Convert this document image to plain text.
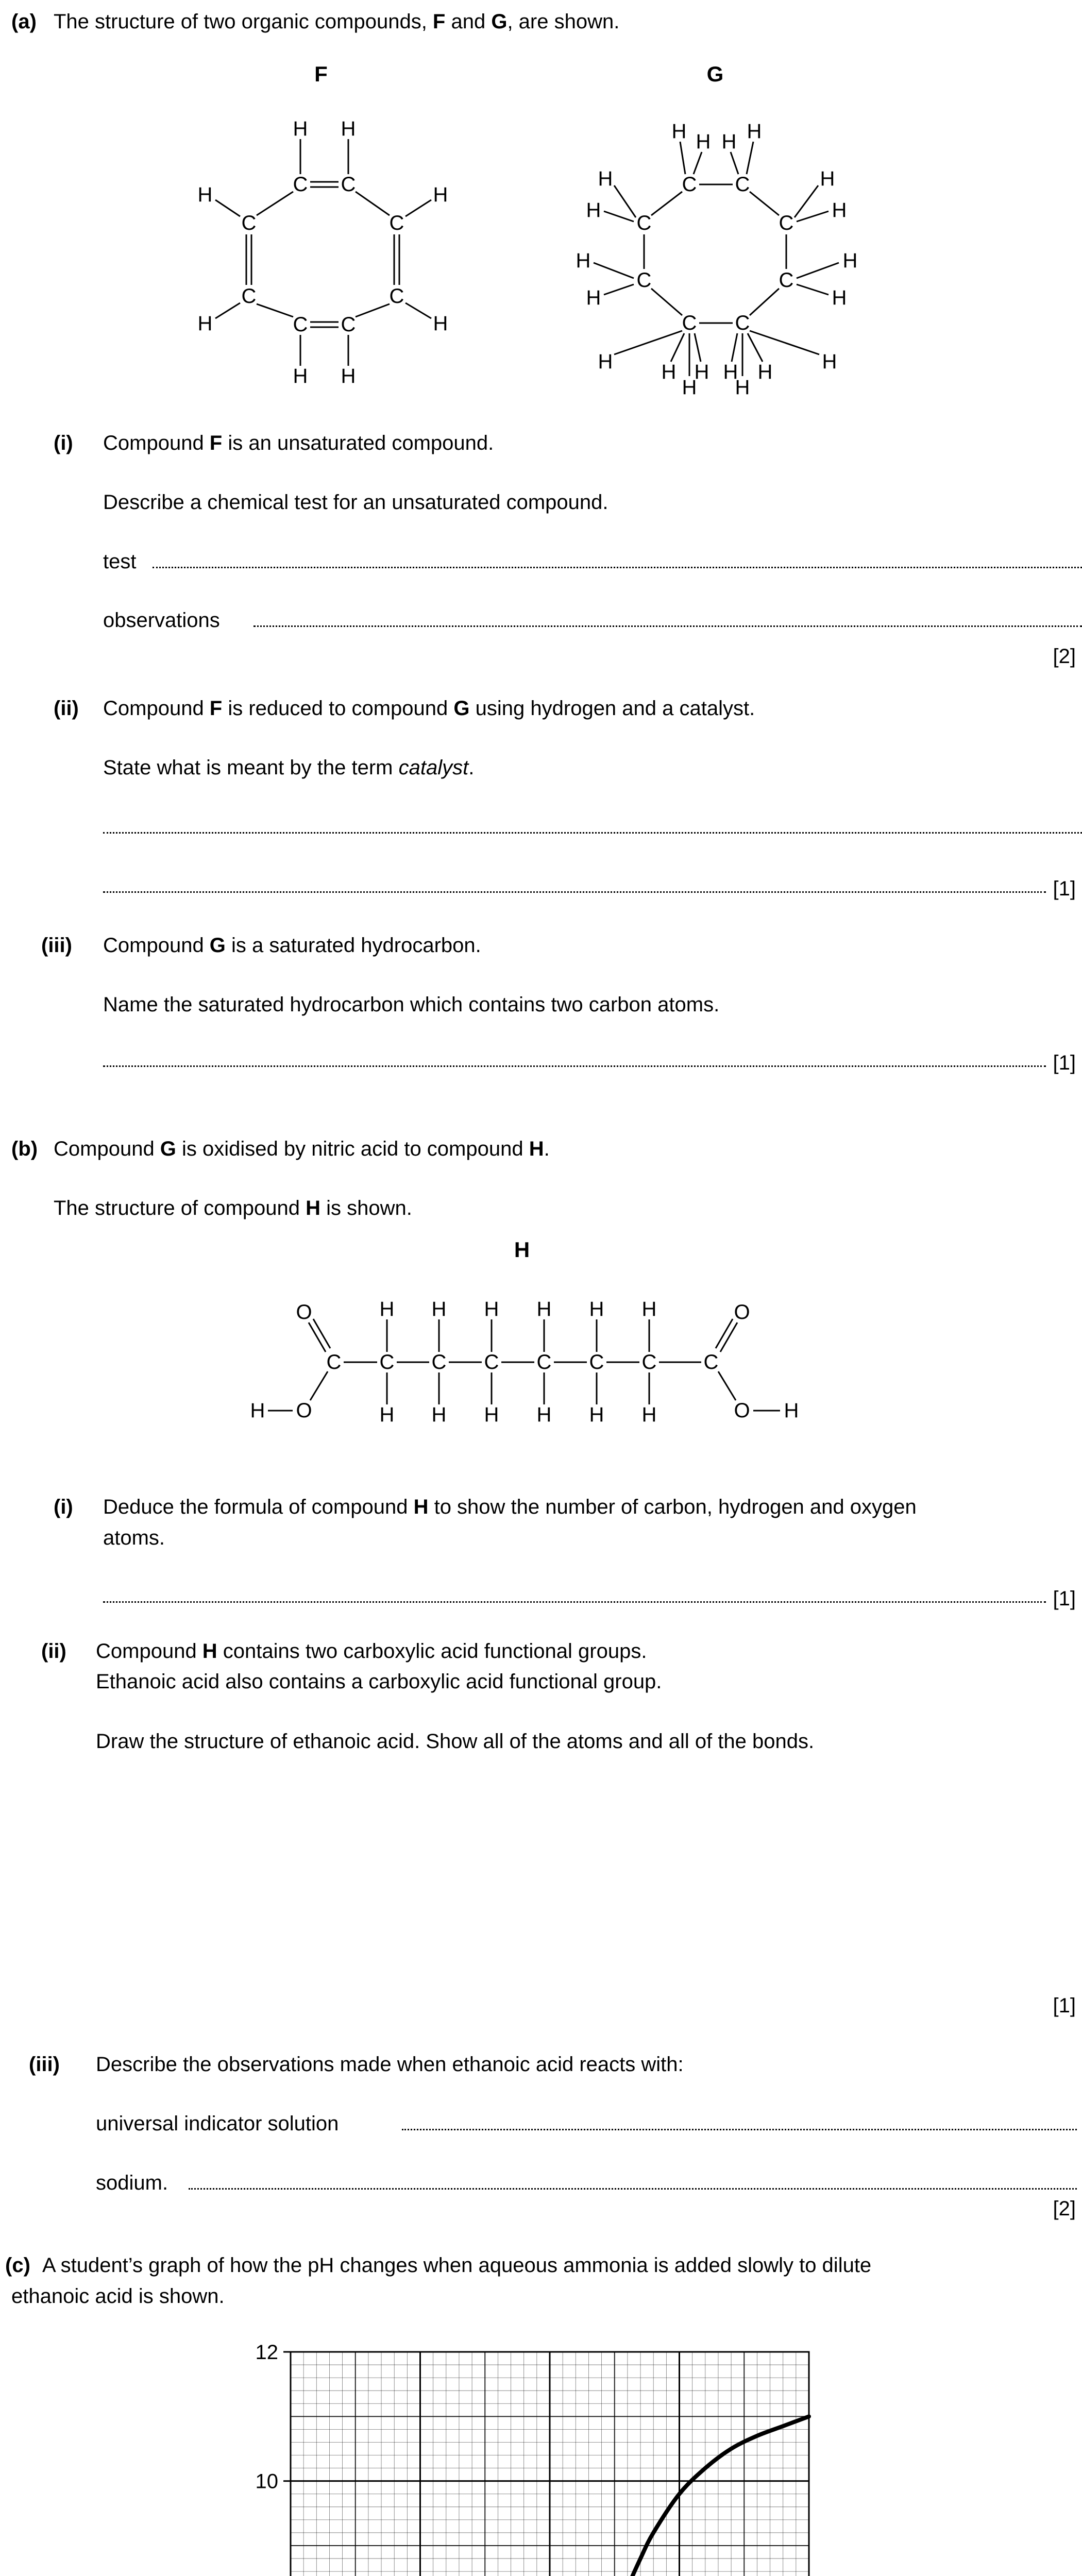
(a) The structure of two organic compounds, F and G, are shown.
F
C C
C	C
C	C
C C
H H
H	H
H	H
H H
G
C C
C	C
C	C
C C
H H H H
H
H
H
H
H
H
H
H
H H H H H H
H H
(i) Compound F is an unsaturated compound.
Describe a chemical test for an unsaturated compound.
test
observations
[2]
(ii) Compound F is reduced to compound G using hydrogen and a catalyst.
State what is meant by the term catalyst.
[1]
(iii) Compound G is a saturated hydrocarbon.
Name the saturated hydrocarbon which contains two carbon atoms.
[1]
(b) Compound G is oxidised by nitric acid to compound H.
The structure of compound H is shown.
H
O	O
C C C C C C C C
O	O
H	H
H H H H H H
H H H H H H
(i) Deduce the formula of compound H to show the number of carbon, hydrogen and oxygen
atoms.
[1]
(ii) Compound H contains two carboxylic acid functional groups.
Ethanoic acid also contains a carboxylic acid functional group.
Draw the structure of ethanoic acid. Show all of the atoms and all of the bonds.
[1]
(iii) Describe the observations made when ethanoic acid reacts with:
universal indicator solution
sodium.
[2]
(c) A student’s graph of how the pH changes when aqueous ammonia is added slowly to dilute
ethanoic acid is shown.
10
12
